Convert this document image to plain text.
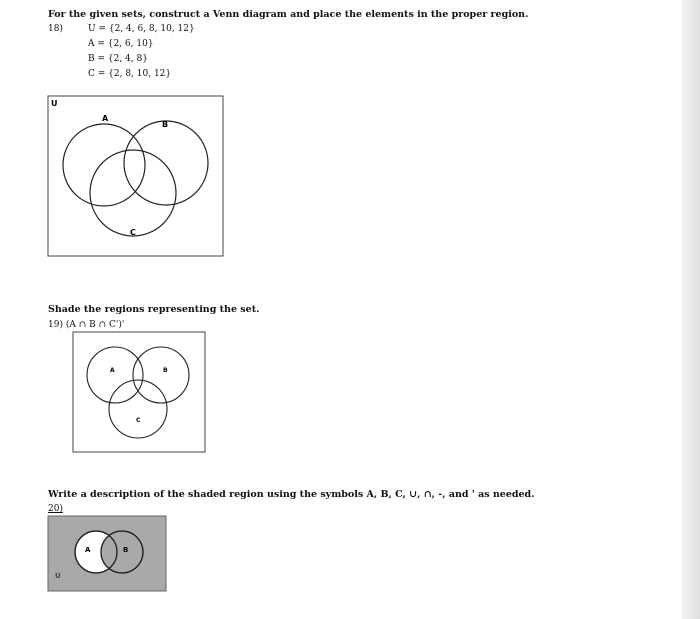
For the given sets, construct a Venn diagram and place the elements in the proper region.
18)	U = {2, 4, 6, 8, 10, 12}
A = {2, 6, 10}
B = {2, 4, 8}
C = {2, 8, 10, 12}
U
A
B
C
Shade the regions representing the set.
19) (A ∩ B ∩ C')'
A	B
C
Write a description of the shaded region using the symbols A, B, C, ∪, ∩, -, and ' as needed.
20)
A	B
U
